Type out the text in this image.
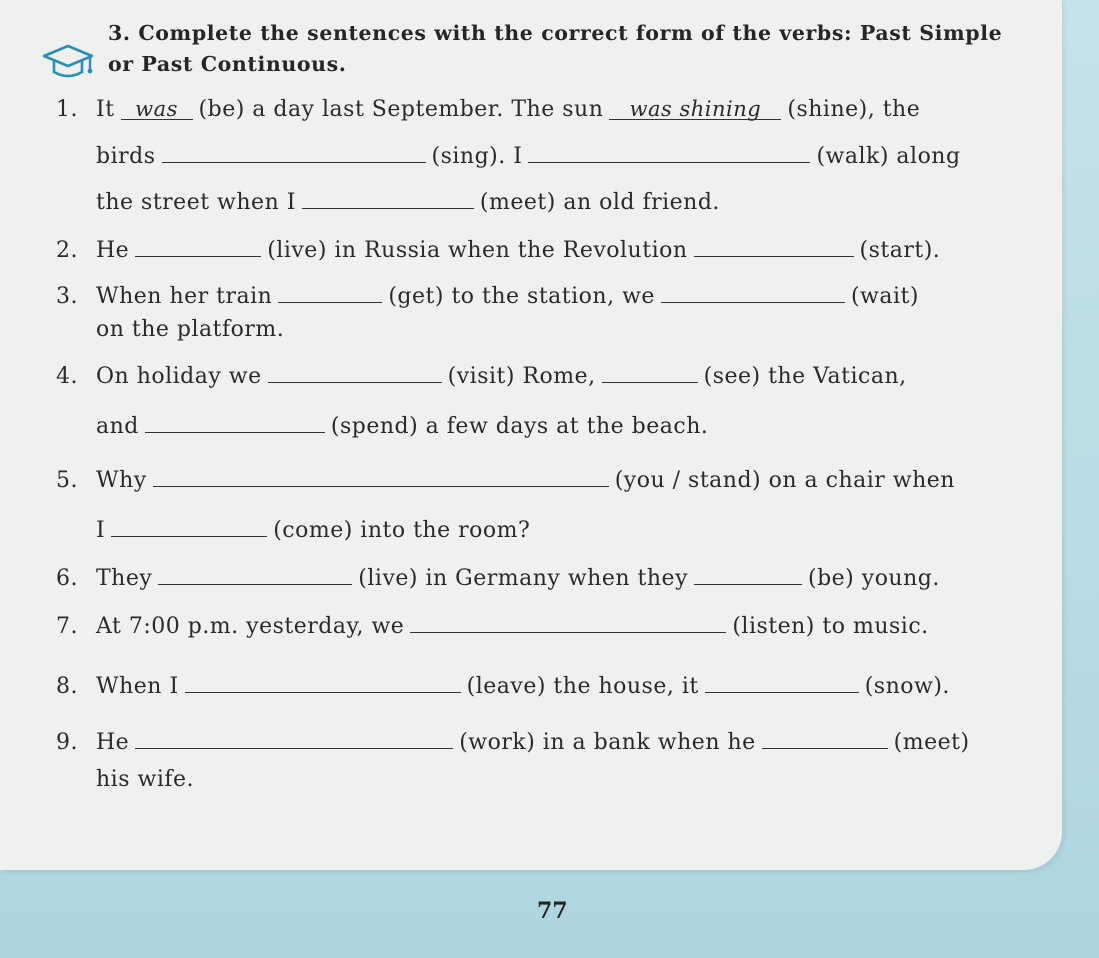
3. Complete the sentences with the correct form of the verbs: Past Simple
or Past Continuous.
1. It was (be) a day last September. The sun was shining (shine), the
birds	(sing). I	(walk) along
the street when I	(meet) an old friend.
2. He	(live) in Russia when the Revolution	(start).
3. When her train	(get) to the station, we	(wait)
on the platform.
4. On holiday we	(visit) Rome,	(see) the Vatican,
and	(spend) a few days at the beach.
5. Why	(you / stand) on a chair when
I	(come) into the room?
6. They	(live) in Germany when they	(be) young.
7. At 7:00 p.m. yesterday, we	(listen) to music.
8. When I	(leave) the house, it	(snow).
9. He	(work) in a bank when he	(meet)
his wife.
77
